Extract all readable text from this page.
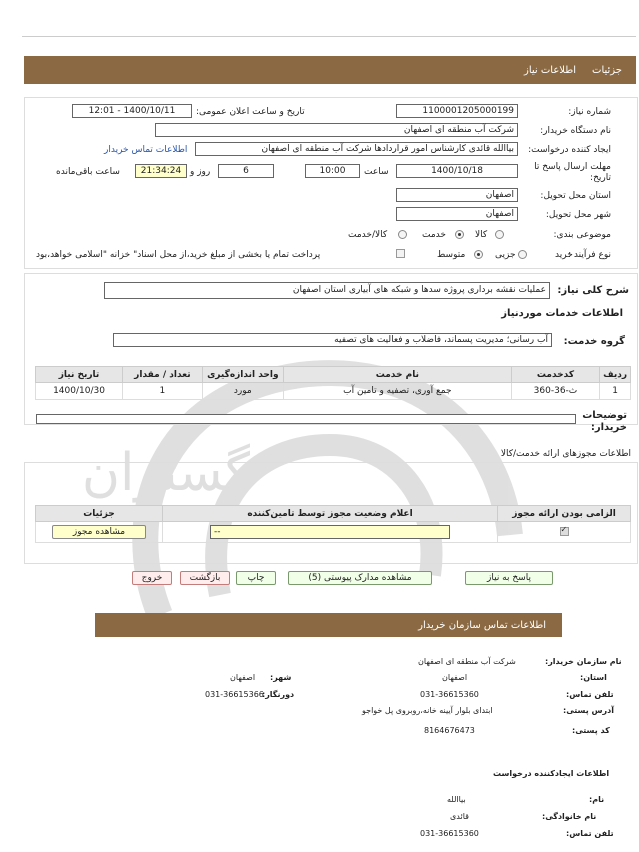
گستران
جزئیات
اطلاعات نیاز
شماره نیاز:
1100001205000199
تاریخ و ساعت اعلان عمومی:
1400/10/11 - 12:01
نام دستگاه خریدار:
شرکت آب منطقه ای اصفهان
ایجاد کننده درخواست:
بیاالله قائدی کارشناس امور قراردادها شرکت آب منطقه ای اصفهان
اطلاعات تماس خریدار
مهلت ارسال پاسخ تا تاریخ:
1400/10/18
ساعت
10:00
6
روز و
21:34:24
ساعت باقی‌مانده
استان محل تحویل:
اصفهان
شهر محل تحویل:
اصفهان
موضوعی بندی:
کالا
خدمت
کالا/خدمت
نوع فرآیند :
خرید
جزیی
متوسط
پرداخت تمام یا بخشی از مبلغ خرید،از محل اسناد" خزانه "اسلامی خواهد،بود
شرح کلی نیاز:
عملیات نقشه برداری پروژه سدها و شبکه های آبیاری استان اصفهان
اطلاعات خدمات موردنیاز
گروه خدمت:
آب رسانی؛ مدیریت پسماند، فاضلاب و فعالیت های تصفیه
ردیف	کدخدمت	نام خدمت	واحد اندازه‌گیری	تعداد / مقدار	تاریخ نیاز
1	ث-36-360	جمع آوری، تصفیه و تامین آب	مورد	1	1400/10/30
توضیحات خریدار:
اطلاعات مجوزهای ارائه خدمت/کالا
الزامی بودن ارائه مجوز	اعلام وضعیت مجوز توسط تامین‌کننده	جزئیات

✓	--	مشاهده مجوز
پاسخ به نیاز
مشاهده مدارک پیوستی (5)
چاپ
بازگشت
خروج
اطلاعات تماس سازمان خریدار
نام سازمان خریدار:
شرکت آب منطقه ای اصفهان
استان:
اصفهان
شهر:
اصفهان
تلفن تماس:
031-36615360
دورنگار:
031-36615366
آدرس پستی:
ابتدای بلوار آیینه خانه،روبروی پل خواجو
کد پستی:
8164676473
اطلاعات ایجادکننده درخواست
نام:
بیاالله
نام خانوادگی:
قائدی
تلفن تماس:
031-36615360
